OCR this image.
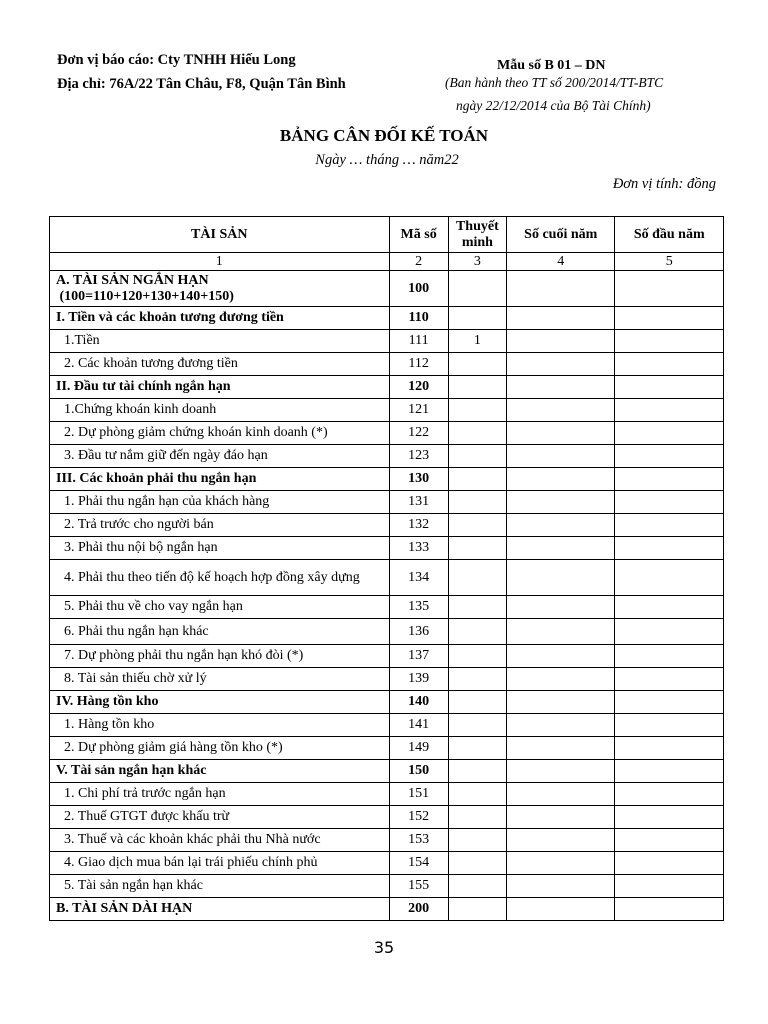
Đơn vị báo cáo: Cty TNHH Hiếu Long
Địa chỉ: 76A/22 Tân Châu, F8, Quận Tân Bình
Mẫu số B 01 – DN
(Ban hành theo TT số 200/2014/TT-BTC
ngày 22/12/2014 của Bộ Tài Chính)
BẢNG CÂN ĐỐI KẾ TOÁN
Ngày … tháng … năm22
Đơn vị tính: đồng
TÀI SẢN	Mã số	Thuyết minh	Số cuối năm	Số đầu năm
1	2	3	4	5
A. TÀI SẢN NGẮN HẠN
(100=110+120+130+140+150)	100			
I. Tiền và các khoản tương đương tiền	110			
1.Tiền	111	1		
2. Các khoản tương đương tiền	112			
II. Đầu tư tài chính ngắn hạn	120			
1.Chứng khoán kinh doanh	121			
2. Dự phòng giảm chứng khoán kinh doanh (*)	122			
3. Đầu tư nắm giữ đến ngày đáo hạn	123			
III. Các khoản phải thu ngắn hạn	130			
1. Phải thu ngắn hạn của khách hàng	131			
2. Trả trước cho người bán	132			
3. Phải thu nội bộ ngắn hạn	133			
4. Phải thu theo tiến độ kế hoạch hợp đồng xây dựng	134			
5. Phải thu về cho vay ngắn hạn	135			
6. Phải thu ngắn hạn khác	136			
7. Dự phòng phải thu ngắn hạn khó đòi (*)	137			
8. Tài sản thiếu chờ xử lý	139			
IV. Hàng tồn kho	140			
1. Hàng tồn kho	141			
2. Dự phòng giảm giá hàng tồn kho (*)	149			
V. Tài sản ngắn hạn khác	150			
1. Chi phí trả trước ngắn hạn	151			
2. Thuế GTGT được khấu trừ	152			
3. Thuế và các khoản khác phải thu Nhà nước	153			
4. Giao dịch mua bán lại trái phiếu chính phủ	154			
5. Tài sản ngắn hạn khác	155			
B. TÀI SẢN DÀI HẠN	200			
35
